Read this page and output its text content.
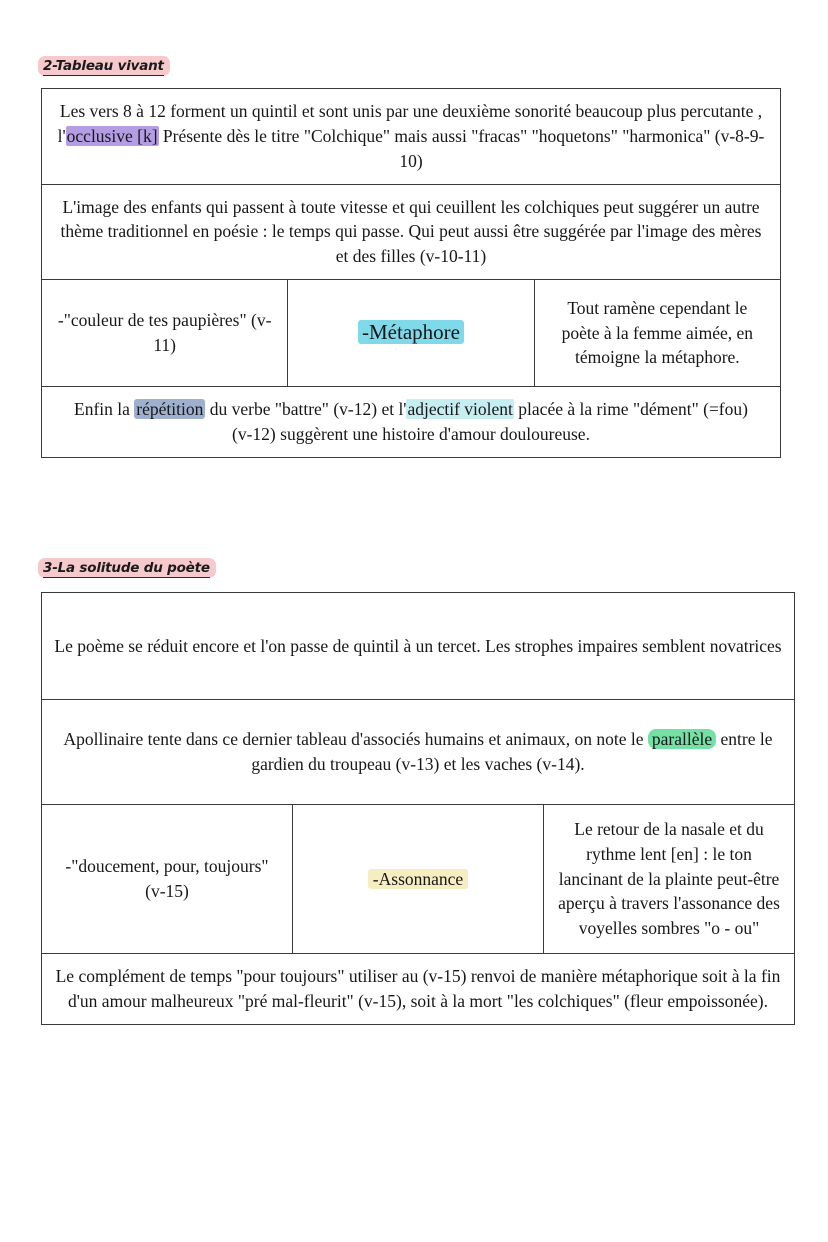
2-Tableau vivant
Les vers 8 à 12 forment un quintil et sont unis par une deuxième sonorité beaucoup plus percutante , l'occlusive [k] Présente dès le titre "Colchique" mais aussi "fracas" "hoquetons" "harmonica" (v-8-9-10)
L'image des enfants qui passent à toute vitesse et qui ceuillent les colchiques peut suggérer un autre thème traditionnel en poésie : le temps qui passe. Qui peut aussi être suggérée par l'image des mères et des filles (v-10-11)
-"couleur de tes paupières" (v-11)	-Métaphore	Tout ramène cependant le poète à la femme aimée, en témoigne la métaphore.
Enfin la répétition du verbe "battre" (v-12) et l'adjectif violent placée à la rime "dément" (=fou)
(v-12) suggèrent une histoire d'amour douloureuse.
3-La solitude du poète
Le poème se réduit encore et l'on passe de quintil à un tercet. Les strophes impaires semblent novatrices
Apollinaire tente dans ce dernier tableau d'associés humains et animaux, on note le parallèle entre le gardien du troupeau (v-13) et les vaches (v-14).
-"doucement, pour, toujours" (v-15)	-Assonnance	Le retour de la nasale et du rythme lent [en] : le ton lancinant de la plainte peut-être aperçu à travers l'assonance des voyelles sombres "o - ou"
Le complément de temps "pour toujours" utiliser au (v-15) renvoi de manière métaphorique soit à la fin d'un amour malheureux "pré mal-fleurit" (v-15), soit à la mort "les colchiques" (fleur empoissonée).
